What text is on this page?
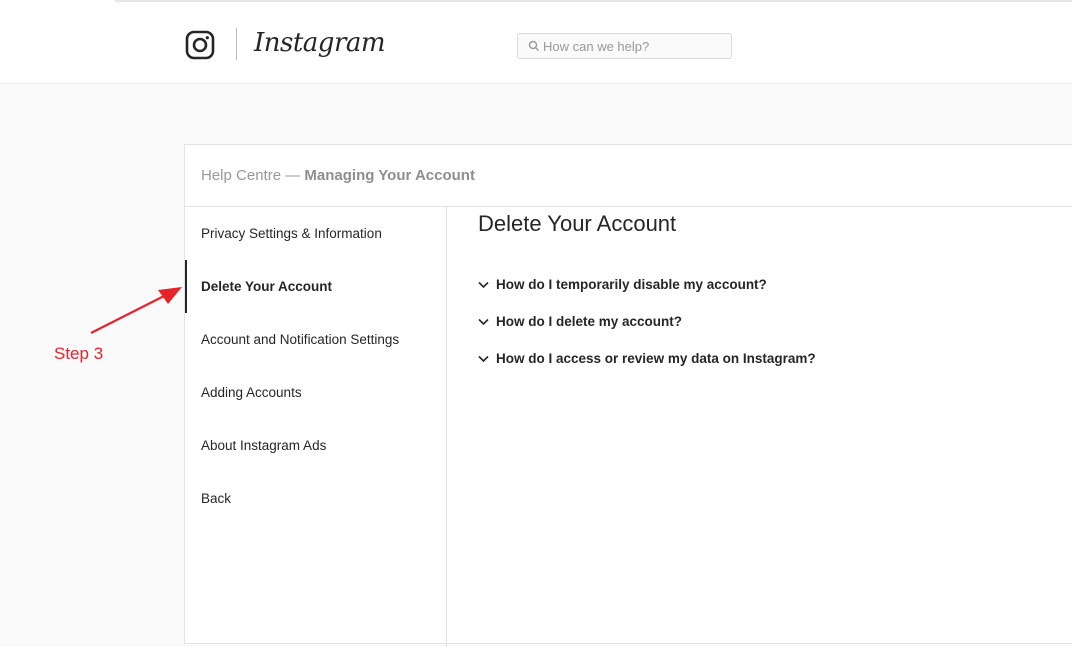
Instagram
How can we help?
Help Centre — Managing Your Account
Privacy Settings & Information
Delete Your Account
Account and Notification Settings
Adding Accounts
About Instagram Ads
Back
Delete Your Account
How do I temporarily disable my account?
How do I delete my account?
How do I access or review my data on Instagram?
Step 3
